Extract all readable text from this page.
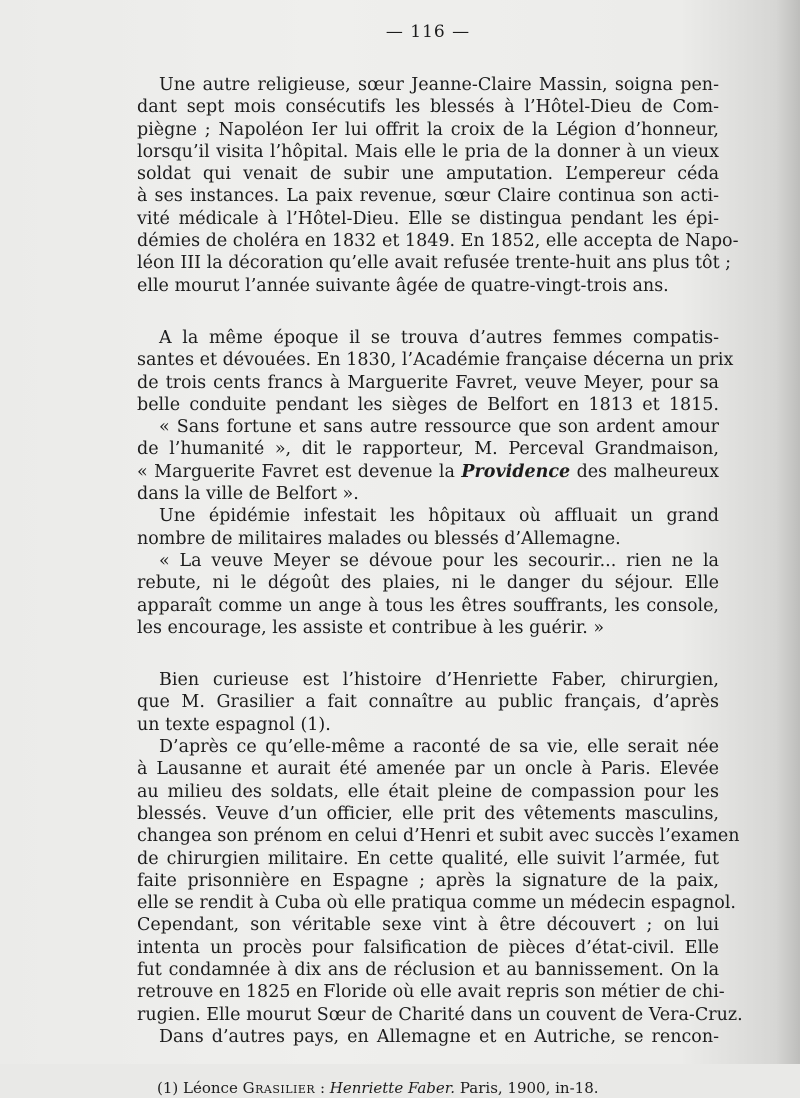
— 116 —
Une autre religieuse, sœur Jeanne-Claire Massin, soigna pen-
dant sept mois consécutifs les blessés à l’Hôtel-Dieu de Com-
piègne ; Napoléon Ier lui offrit la croix de la Légion d’honneur,
lorsqu’il visita l’hôpital. Mais elle le pria de la donner à un vieux
soldat qui venait de subir une amputation. L’empereur céda
à ses instances. La paix revenue, sœur Claire continua son acti-
vité médicale à l’Hôtel-Dieu. Elle se distingua pendant les épi-
démies de choléra en 1832 et 1849. En 1852, elle accepta de Napo-
léon III la décoration qu’elle avait refusée trente-huit ans plus tôt ;
elle mourut l’année suivante âgée de quatre-vingt-trois ans.
A la même époque il se trouva d’autres femmes compatis-
santes et dévouées. En 1830, l’Académie française décerna un prix
de trois cents francs à Marguerite Favret, veuve Meyer, pour sa
belle conduite pendant les sièges de Belfort en 1813 et 1815.
« Sans fortune et sans autre ressource que son ardent amour
de l’humanité », dit le rapporteur, M. Perceval Grandmaison,
« Marguerite Favret est devenue la Providence des malheureux
dans la ville de Belfort ».
Une épidémie infestait les hôpitaux où affluait un grand
nombre de militaires malades ou blessés d’Allemagne.
« La veuve Meyer se dévoue pour les secourir... rien ne la
rebute, ni le dégoût des plaies, ni le danger du séjour. Elle
apparaît comme un ange à tous les êtres souffrants, les console,
les encourage, les assiste et contribue à les guérir. »
Bien curieuse est l’histoire d’Henriette Faber, chirurgien,
que M. Grasilier a fait connaître au public français, d’après
un texte espagnol (1).
D’après ce qu’elle-même a raconté de sa vie, elle serait née
à Lausanne et aurait été amenée par un oncle à Paris. Elevée
au milieu des soldats, elle était pleine de compassion pour les
blessés. Veuve d’un officier, elle prit des vêtements masculins,
changea son prénom en celui d’Henri et subit avec succès l’examen
de chirurgien militaire. En cette qualité, elle suivit l’armée, fut
faite prisonnière en Espagne ; après la signature de la paix,
elle se rendit à Cuba où elle pratiqua comme un médecin espagnol.
Cependant, son véritable sexe vint à être découvert ; on lui
intenta un procès pour falsification de pièces d’état-civil. Elle
fut condamnée à dix ans de réclusion et au bannissement. On la
retrouve en 1825 en Floride où elle avait repris son métier de chi-
rugien. Elle mourut Sœur de Charité dans un couvent de Vera-Cruz.
Dans d’autres pays, en Allemagne et en Autriche, se rencon-
(1) Léonce Grasilier : Henriette Faber. Paris, 1900, in-18.
